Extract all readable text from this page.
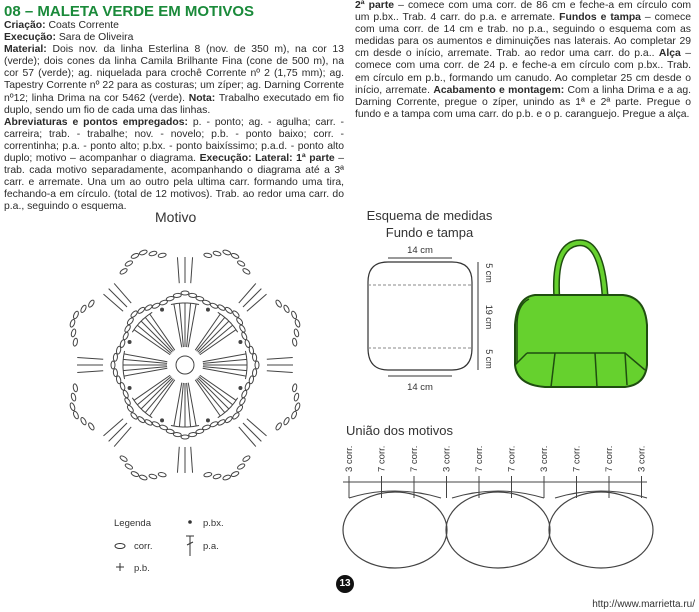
08 – MALETA VERDE EM MOTIVOS

Criação: Coats Corrente

Execução: Sara de Oliveira

Material: Dois nov. da linha Esterlina 8 (nov. de 350 m), na cor 13 (verde); dois cones da linha Camila Brilhante Fina (cone de 500 m), na cor 57 (verde); ag. niquelada para crochê Corrente nº 2 (1,75 mm); ag. Tapestry Corrente nº 22 para as costuras; um zíper; ag. Darning Corrente nº12; linha Drima na cor 5462 (verde). Nota: Trabalho executado em fio duplo, sendo um fio de cada uma das linhas.

Abreviaturas e pontos empregados: p. - ponto; ag. - agulha; carr. - carreira; trab. - trabalhe; nov. - novelo; p.b. - ponto baixo; corr. - correntinha; p.a. - ponto alto; p.bx. - ponto baixíssimo; p.a.d. - ponto alto duplo; motivo – acompanhar o diagrama. Execução: Lateral: 1ª parte – trab. cada motivo separadamente, acompanhando o diagrama até a 3ª carr. e arremate. Una um ao outro pela ultima carr. formando uma tira, fechando-a em círculo. (total de 12 motivos). Trab. ao redor uma carr. do p.a., seguindo o esquema.

2ª parte – comece com uma corr. de 86 cm e feche-a em círculo com um p.bx.. Trab. 4 carr. do p.a. e arremate. Fundos e tampa – comece com uma corr. de 14 cm e trab. no p.a., seguindo o esquema com as medidas para os aumentos e diminuições nas laterais. Ao completar 29 cm desde o início, arremate. Trab. ao redor uma carr. do p.a.. Alça – comece com uma corr. de 24 p. e feche-a em círculo com p.bx.. Trab. em círculo em p.b., formando um canudo. Ao completar 25 cm desde o início, arremate. Acabamento e montagem: Com a linha Drima e a ag. Darning Corrente, pregue o zíper, unindo as 1ª e 2ª parte. Pregue o fundo e a tampa com uma carr. do p.b. e o p. caranguejo. Pregue a alça.

Motivo
Legenda	p.bx.
corr.	p.a.
p.b.
Esquema de medidas
Fundo e tampa
14 cm
14 cm
5 cm
19 cm
5 cm
União dos motivos
3 corr. 7 corr. 7 corr. 3 corr. 7 corr. 7 corr. 3 corr. 7 corr. 7 corr. 3 corr.
13
http://www.marrietta.ru/
